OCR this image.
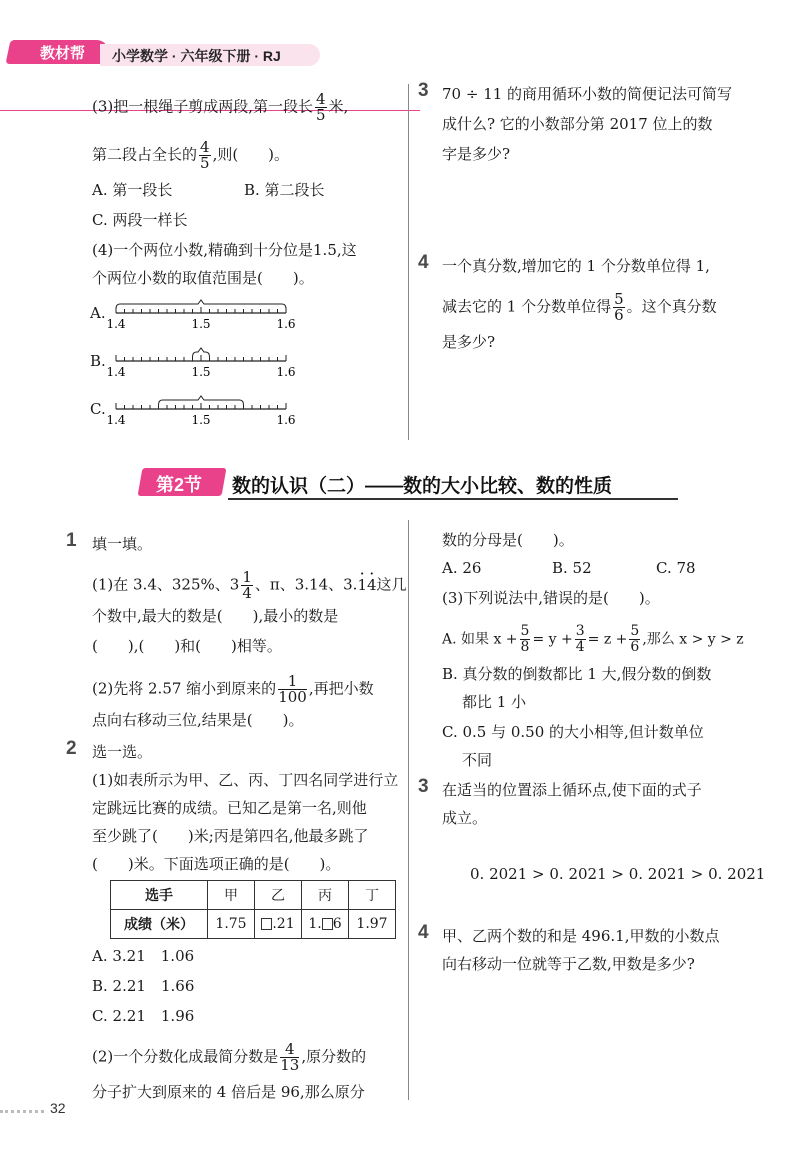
教材帮 小学数学 · 六年级下册 · RJ
(3)把一根绳子剪成两段,第一段长 $\frac{4}{5}$ 米,
第二段占全长的 $\frac{4}{5}$ ,则(　　)。
A. 第一段长	B. 第二段长
C. 两段一样长
(4)一个两位小数,精确到十分位是1.5,这
个两位小数的取值范围是(　　)。
A.
1.4	1.5	1.6
B.
1.4	1.5	1.6
C.
1.4	1.5	1.6
3 70 ÷ 11 的商用循环小数的简便记法可简写
成什么? 它的小数部分第 2017 位上的数
字是多少?
4 一个真分数,增加它的 1 个分数单位得 1,
减去它的 1 个分数单位得 $\frac{5}{6}$ 。这个真分数
是多少?
第2节 数的认识（二）——数的大小比较、数的性质
1 填一填。
(1)在 3.4、325%、$3 \frac{1}{4}$ 、π、3.14、3.1 ·4 ·这几
个数中,最大的数是(　　),最小的数是
(　　),(　　)和(　　)相等。
(2)先将 2.57 缩小到原来的 $\frac{1}{100}$ ,再把小数
点向右移动三位,结果是(　　)。
2 选一选。
(1)如表所示为甲、乙、丙、丁四名同学进行立
定跳远比赛的成绩。已知乙是第一名,则他
至少跳了(　　)米;丙是第四名,他最多跳了
(　　)米。下面选项正确的是(　　)。
选手	甲	乙	丙	丁
成绩（米）	1.75	.21	1. 6	1.97
A. 3.21　1.06
B. 2.21　1.66
C. 2.21　1.96
(2)一个分数化成最简分数是 $\frac{4}{13}$ ,原分数的
分子扩大到原来的 4 倍后是 96,那么原分
数的分母是(　　)。
A. 26	B. 52	C. 78
(3)下列说法中,错误的是(　　)。
A. 如果 $x + \frac{5}{8} = y + \frac{3}{4} = z + \frac{5}{6}$ ,那么 x > y > z
B. 真分数的倒数都比 1 大,假分数的倒数
都比 1 小
C. 0.5 与 0.50 的大小相等,但计数单位
不同
3 在适当的位置添上循环点,使下面的式子
成立。
0. 2021 > 0. 2021 > 0. 2021 > 0. 2021
4 甲、乙两个数的和是 496.1,甲数的小数点
向右移动一位就等于乙数,甲数是多少?
32
